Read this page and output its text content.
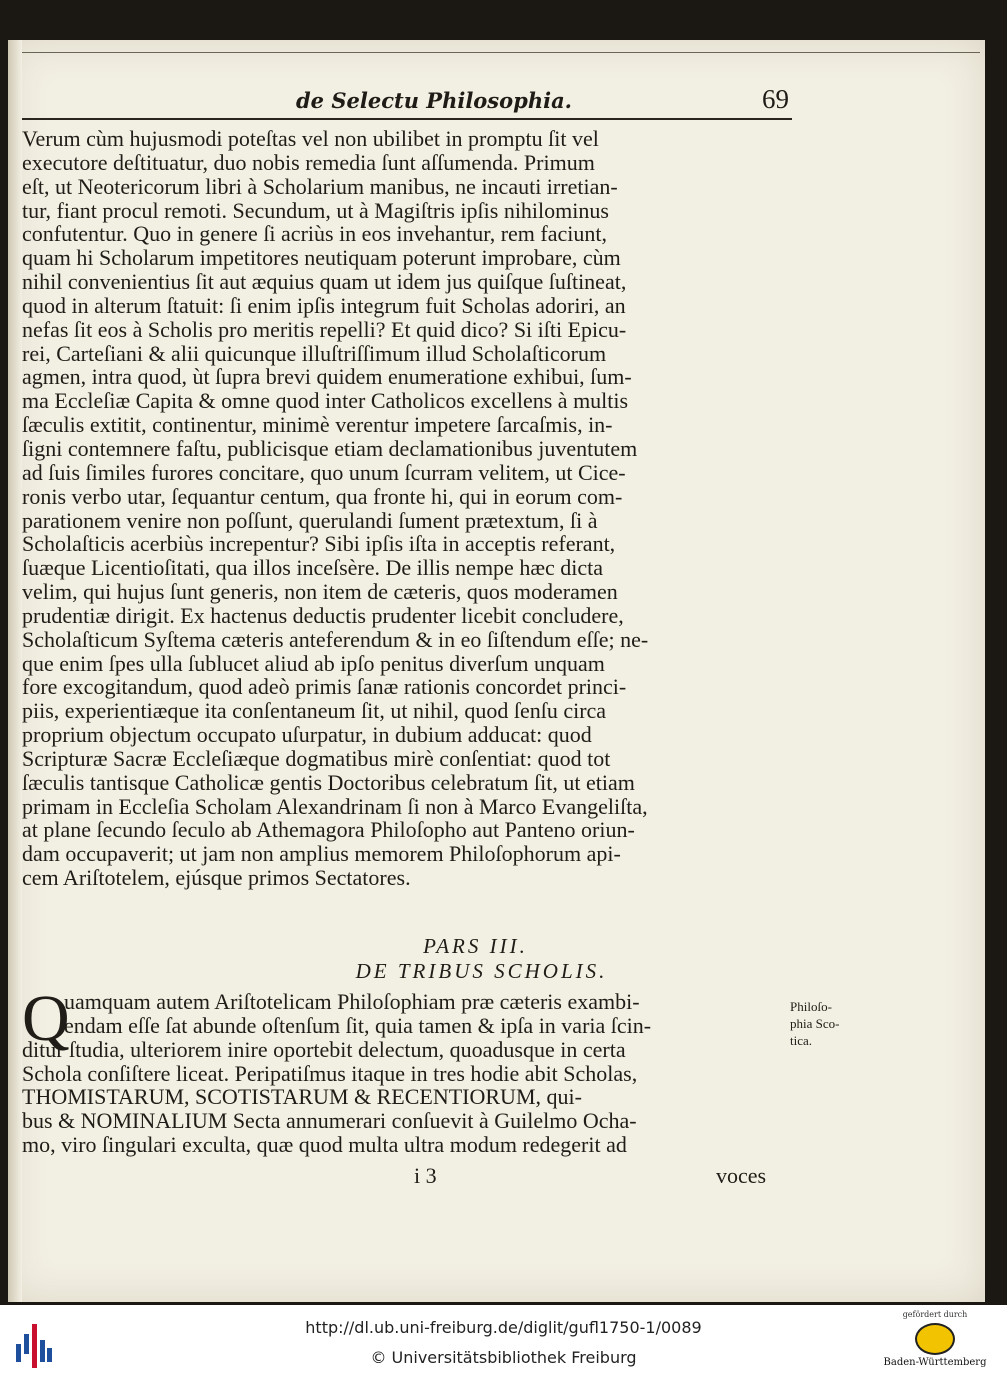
de Selectu Philosophia.	69
Verum cùm hujusmodi poteſtas vel non ubilibet in promptu ſit vel
executore deſtituatur, duo nobis remedia ſunt aſſumenda. Primum
eſt, ut Neotericorum libri à Scholarium manibus, ne incauti irretian-
tur, fiant procul remoti. Secundum, ut à Magiſtris ipſis nihilominus
confutentur. Quo in genere ſi acriùs in eos invehantur, rem faciunt,
quam hi Scholarum impetitores neutiquam poterunt improbare, cùm
nihil convenientius ſit aut æquius quam ut idem jus quiſque ſuſtineat,
quod in alterum ſtatuit: ſi enim ipſis integrum fuit Scholas adoriri, an
nefas ſit eos à Scholis pro meritis repelli? Et quid dico? Si iſti Epicu-
rei, Carteſiani & alii quicunque illuſtriſſimum illud Scholaſticorum
agmen, intra quod, ùt ſupra brevi quidem enumeratione exhibui, ſum-
ma Eccleſiæ Capita & omne quod inter Catholicos excellens à multis
ſæculis extitit, continentur, minimè verentur impetere ſarcaſmis, in-
ſigni contemnere faſtu, publicisque etiam declamationibus juventutem
ad ſuis ſimiles furores concitare, quo unum ſcurram velitem, ut Cice-
ronis verbo utar, ſequantur centum, qua fronte hi, qui in eorum com-
parationem venire non poſſunt, querulandi ſument prætextum, ſi à
Scholaſticis acerbiùs increpentur? Sibi ipſis iſta in acceptis referant,
ſuæque Licentioſitati, qua illos inceſsère. De illis nempe hæc dicta
velim, qui hujus ſunt generis, non item de cæteris, quos moderamen
prudentiæ dirigit. Ex hactenus deductis prudenter licebit concludere,
Scholaſticum Syſtema cæteris anteferendum & in eo ſiſtendum eſſe; ne-
que enim ſpes ulla ſublucet aliud ab ipſo penitus diverſum unquam
fore excogitandum, quod adeò primis ſanæ rationis concordet princi-
piis, experientiæque ita conſentaneum ſit, ut nihil, quod ſenſu circa
proprium objectum occupato uſurpatur, in dubium adducat: quod
Scripturæ Sacræ Eccleſiæque dogmatibus mirè conſentiat: quod tot
ſæculis tantisque Catholicæ gentis Doctoribus celebratum ſit, ut etiam
primam in Eccleſia Scholam Alexandrinam ſi non à Marco Evangeliſta,
at plane ſecundo ſeculo ab Athemagora Philoſopho aut Panteno oriun-
dam occupaverit; ut jam non amplius memorem Philoſophorum api-
cem Ariſtotelem, ejúsque primos Sectatores.
PARS III.
DE TRIBUS SCHOLIS.
Q
uamquam autem Ariſtotelicam Philoſophiam præ cæteris exambi-
endam eſſe ſat abunde oſtenſum ſit, quia tamen & ipſa in varia ſcin-
ditur ſtudia, ulteriorem inire oportebit delectum, quoadusque in certa
Schola conſiſtere liceat. Peripatiſmus itaque in tres hodie abit Scholas,
THOMISTARUM, SCOTISTARUM & RECENTIORUM, qui-
bus & NOMINALIUM Secta annumerari conſuevit à Guilelmo Ocha-
mo, viro ſingulari exculta, quæ quod multa ultra modum redegerit ad
Philoſo-
phia Sco-
tica.
i 3	voces
http://dl.ub.uni-freiburg.de/diglit/gufl1750-1/0089
© Universitätsbibliothek Freiburg
gefördert durch
Baden-Württemberg
